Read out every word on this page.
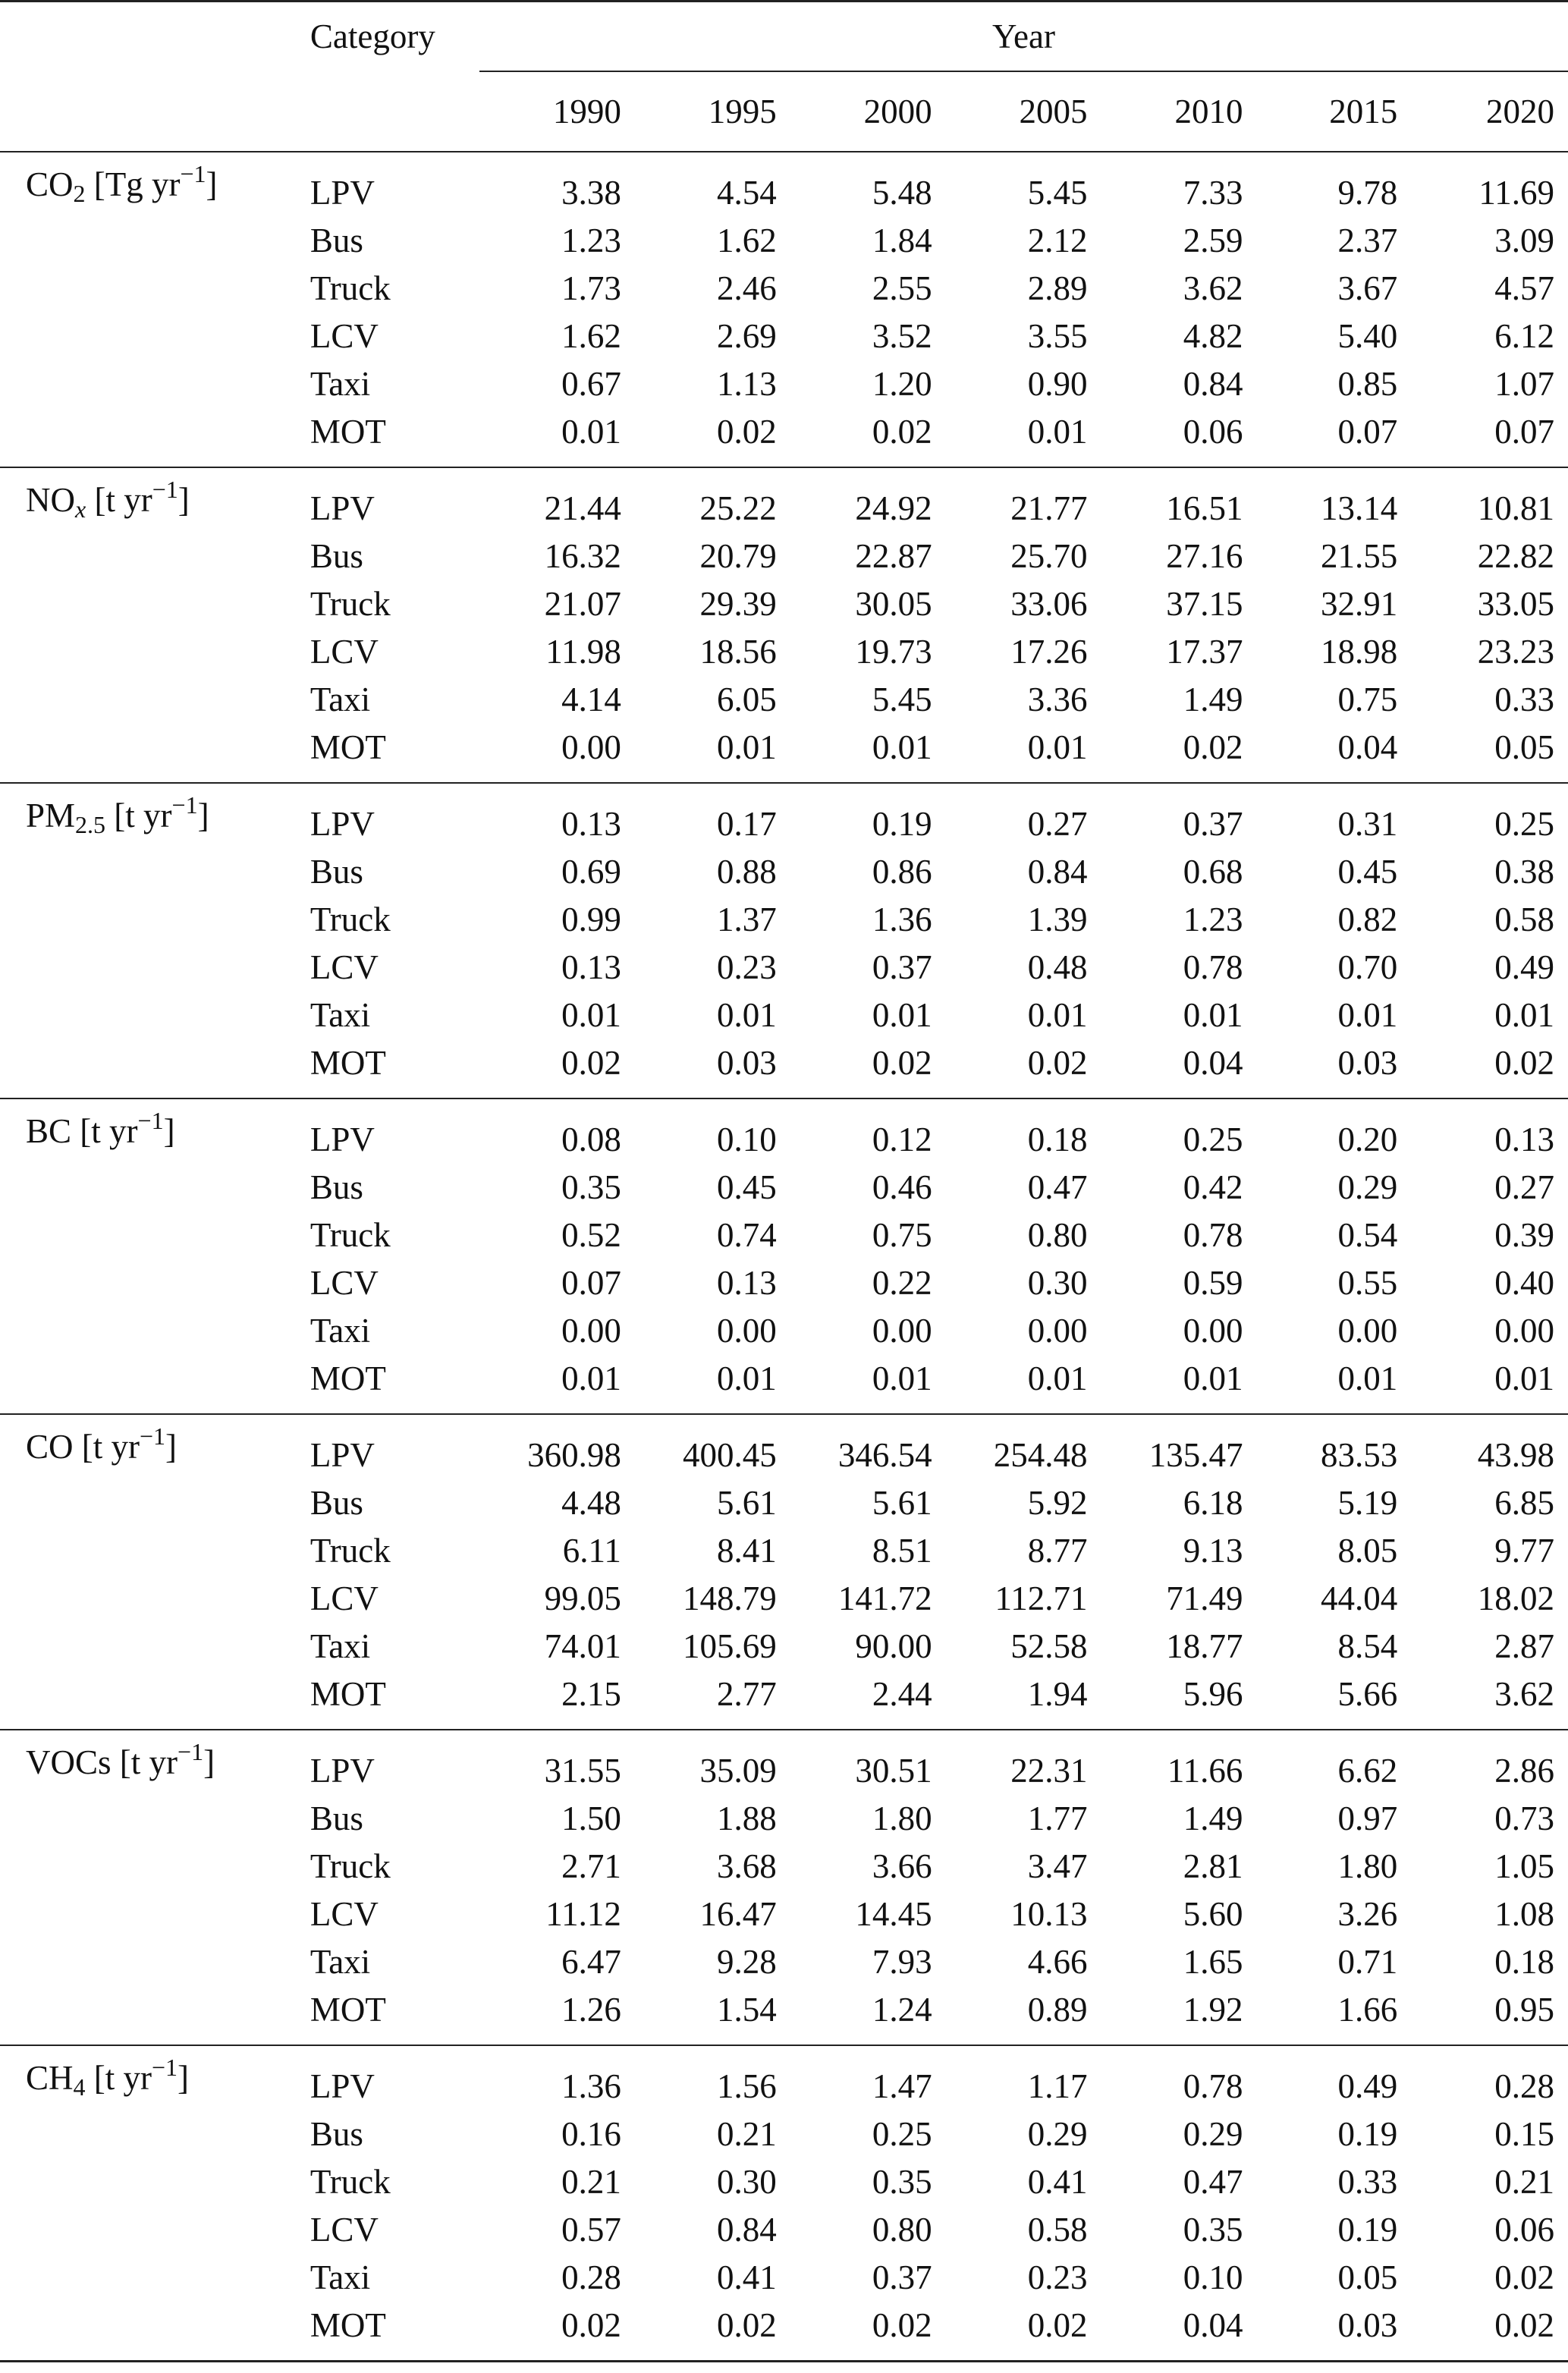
	Category	Year						
		1990	1995	2000	2005	2010	2015	2020
$CO_2$ [Tg $yr^{-1}$]	LPV	3.38	4.54	5.48	5.45	7.33	9.78	11.69
	Bus	1.23	1.62	1.84	2.12	2.59	2.37	3.09
	Truck	1.73	2.46	2.55	2.89	3.62	3.67	4.57
	LCV	1.62	2.69	3.52	3.55	4.82	5.40	6.12
	Taxi	0.67	1.13	1.20	0.90	0.84	0.85	1.07
	MOT	0.01	0.02	0.02	0.01	0.06	0.07	0.07
$NO_x$ [t $yr^{-1}$]	LPV	21.44	25.22	24.92	21.77	16.51	13.14	10.81
	Bus	16.32	20.79	22.87	25.70	27.16	21.55	22.82
	Truck	21.07	29.39	30.05	33.06	37.15	32.91	33.05
	LCV	11.98	18.56	19.73	17.26	17.37	18.98	23.23
	Taxi	4.14	6.05	5.45	3.36	1.49	0.75	0.33
	MOT	0.00	0.01	0.01	0.01	0.02	0.04	0.05
$PM_{2.5}$ [t $yr^{-1}$]	LPV	0.13	0.17	0.19	0.27	0.37	0.31	0.25
	Bus	0.69	0.88	0.86	0.84	0.68	0.45	0.38
	Truck	0.99	1.37	1.36	1.39	1.23	0.82	0.58
	LCV	0.13	0.23	0.37	0.48	0.78	0.70	0.49
	Taxi	0.01	0.01	0.01	0.01	0.01	0.01	0.01
	MOT	0.02	0.03	0.02	0.02	0.04	0.03	0.02
BC [t $yr^{-1}$]	LPV	0.08	0.10	0.12	0.18	0.25	0.20	0.13
	Bus	0.35	0.45	0.46	0.47	0.42	0.29	0.27
	Truck	0.52	0.74	0.75	0.80	0.78	0.54	0.39
	LCV	0.07	0.13	0.22	0.30	0.59	0.55	0.40
	Taxi	0.00	0.00	0.00	0.00	0.00	0.00	0.00
	MOT	0.01	0.01	0.01	0.01	0.01	0.01	0.01
CO [t $yr^{-1}$]	LPV	360.98	400.45	346.54	254.48	135.47	83.53	43.98
	Bus	4.48	5.61	5.61	5.92	6.18	5.19	6.85
	Truck	6.11	8.41	8.51	8.77	9.13	8.05	9.77
	LCV	99.05	148.79	141.72	112.71	71.49	44.04	18.02
	Taxi	74.01	105.69	90.00	52.58	18.77	8.54	2.87
	MOT	2.15	2.77	2.44	1.94	5.96	5.66	3.62
VOCs [t $yr^{-1}$]	LPV	31.55	35.09	30.51	22.31	11.66	6.62	2.86
	Bus	1.50	1.88	1.80	1.77	1.49	0.97	0.73
	Truck	2.71	3.68	3.66	3.47	2.81	1.80	1.05
	LCV	11.12	16.47	14.45	10.13	5.60	3.26	1.08
	Taxi	6.47	9.28	7.93	4.66	1.65	0.71	0.18
	MOT	1.26	1.54	1.24	0.89	1.92	1.66	0.95
$CH_4$ [t $yr^{-1}$]	LPV	1.36	1.56	1.47	1.17	0.78	0.49	0.28
	Bus	0.16	0.21	0.25	0.29	0.29	0.19	0.15
	Truck	0.21	0.30	0.35	0.41	0.47	0.33	0.21
	LCV	0.57	0.84	0.80	0.58	0.35	0.19	0.06
	Taxi	0.28	0.41	0.37	0.23	0.10	0.05	0.02
	MOT	0.02	0.02	0.02	0.02	0.04	0.03	0.02
